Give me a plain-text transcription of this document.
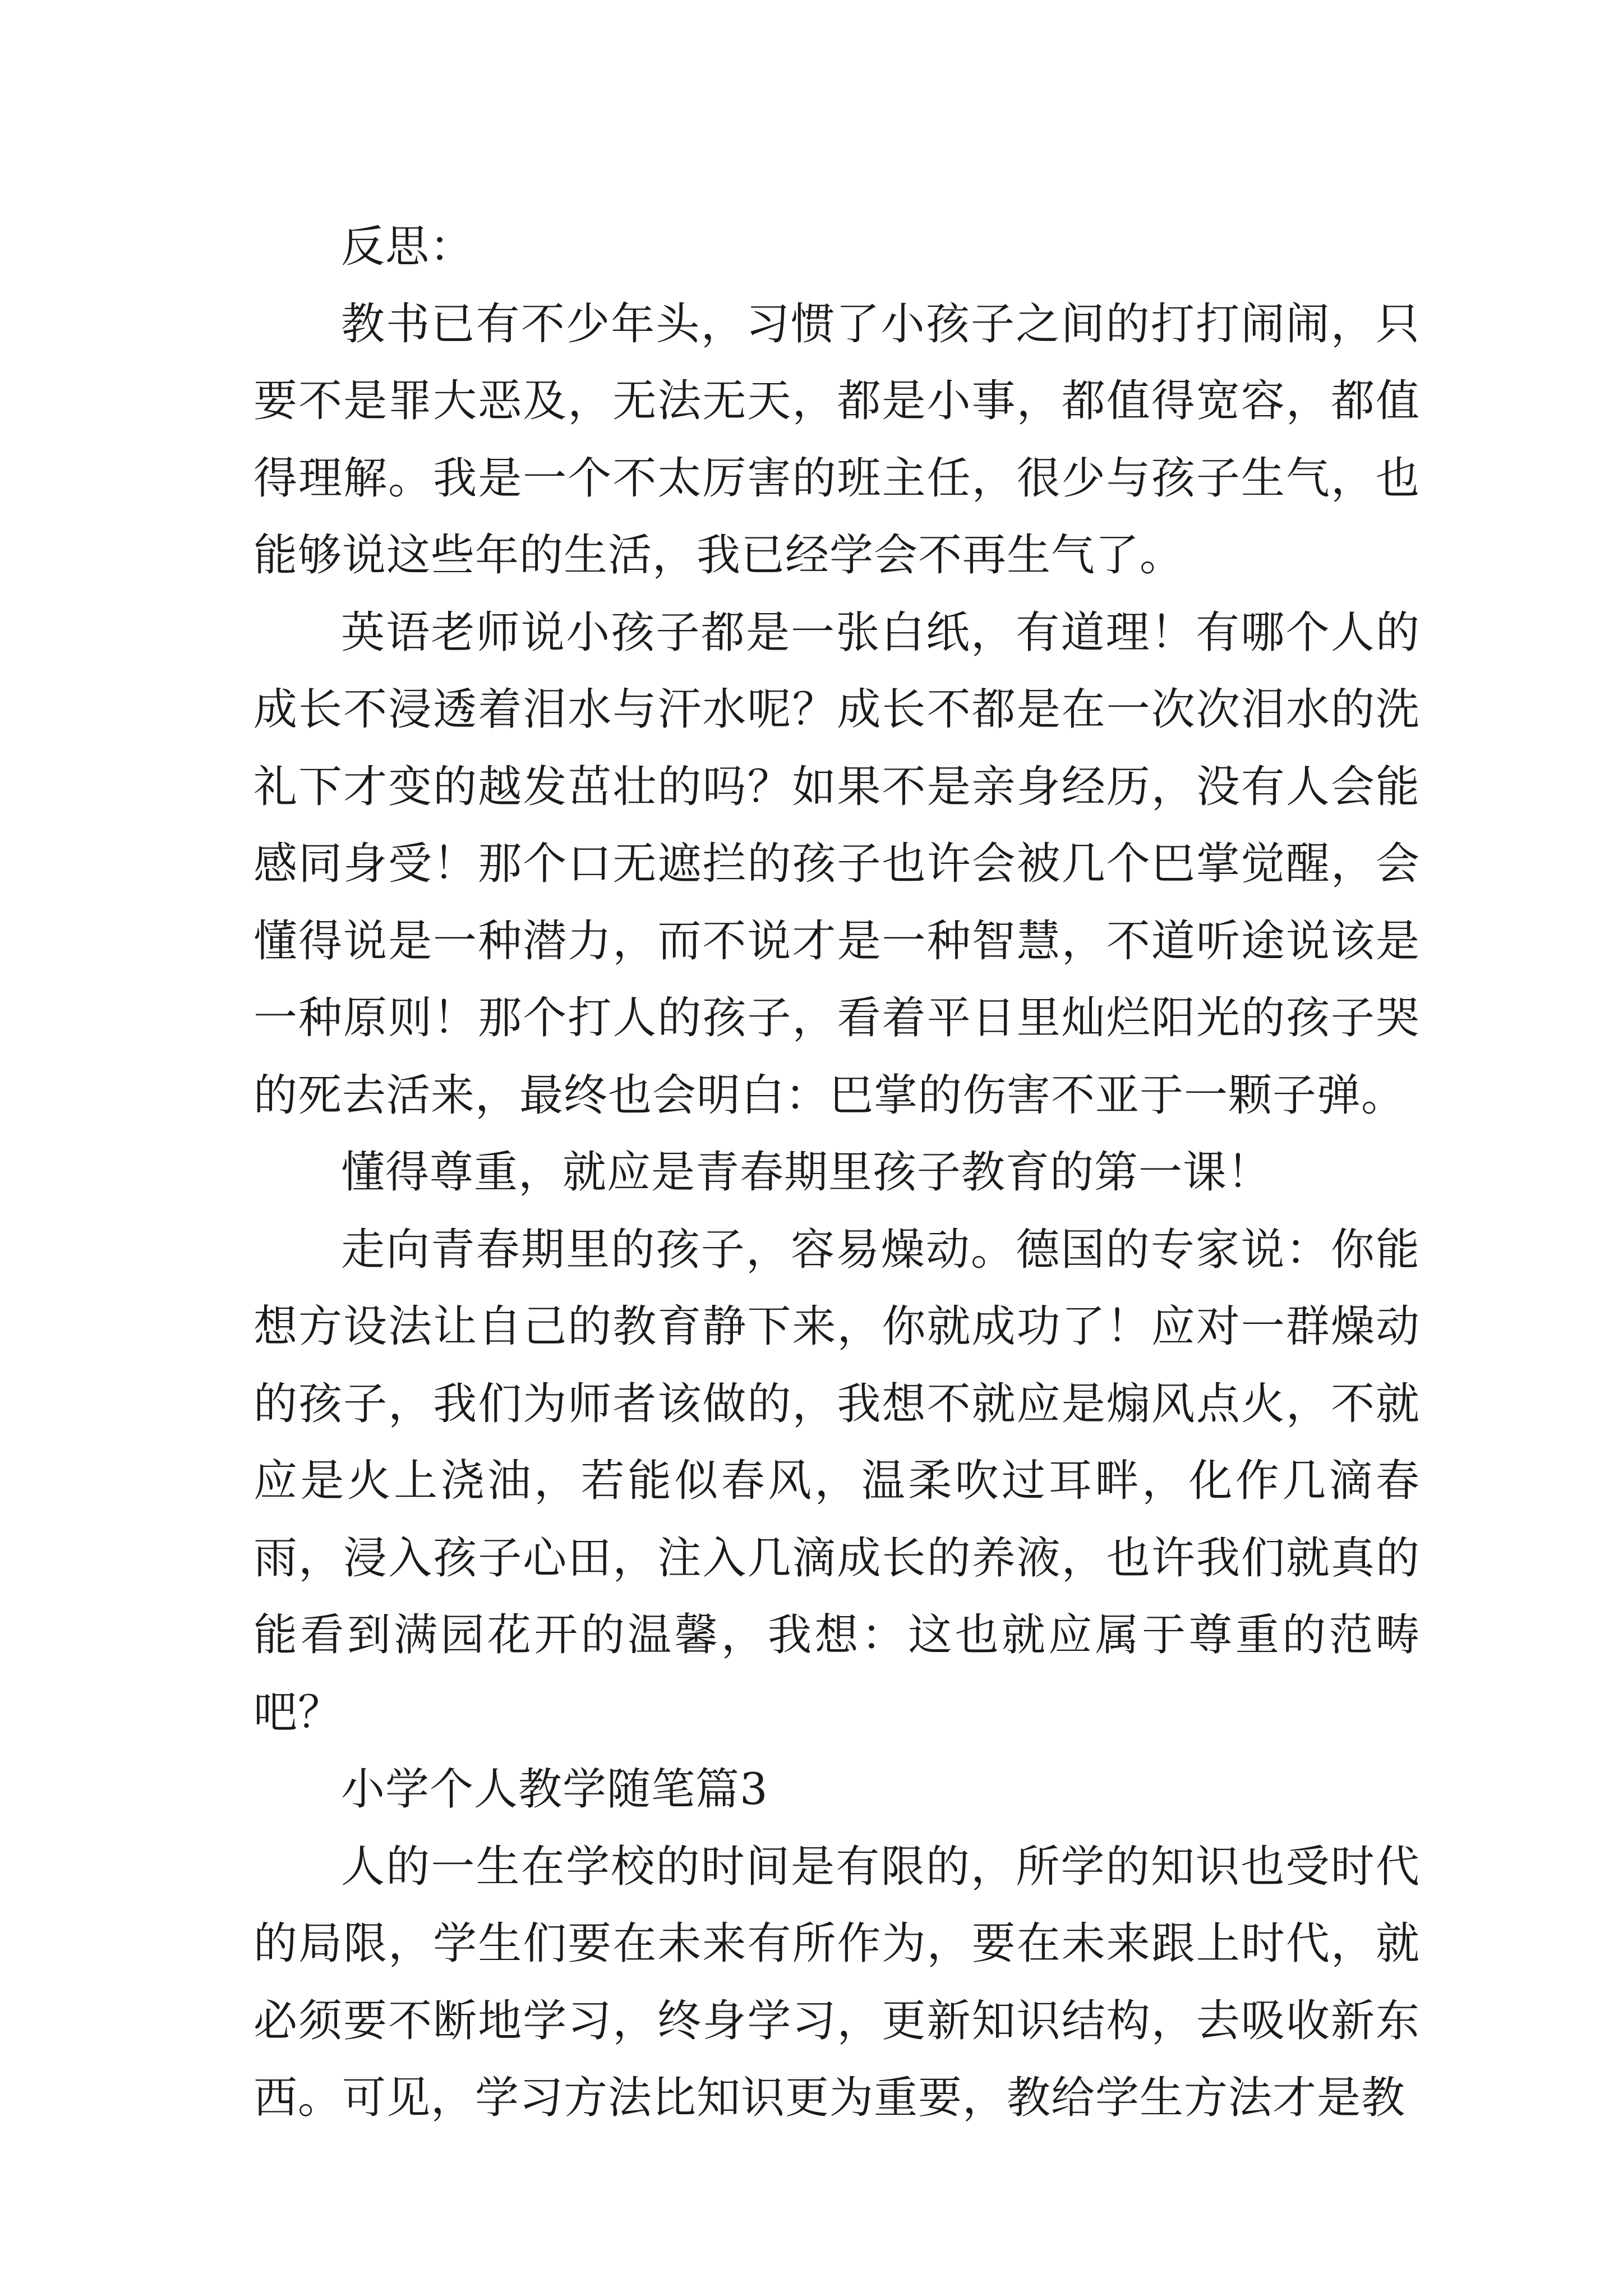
反思：

教书已有不少年头，习惯了小孩子之间的打打闹闹，只要不是罪大恶及，无法无天，都是小事，都值得宽容，都值得理解。我是一个不太厉害的班主任，很少与孩子生气，也能够说这些年的生活，我已经学会不再生气了。

英语老师说小孩子都是一张白纸，有道理！有哪个人的成长不浸透着泪水与汗水呢？成长不都是在一次次泪水的洗礼下才变的越发茁壮的吗？如果不是亲身经历，没有人会能感同身受！那个口无遮拦的孩子也许会被几个巴掌觉醒，会懂得说是一种潜力，而不说才是一种智慧，不道听途说该是一种原则！那个打人的孩子，看着平日里灿烂阳光的孩子哭的死去活来，最终也会明白：巴掌的伤害不亚于一颗子弹。

懂得尊重，就应是青春期里孩子教育的第一课！

走向青春期里的孩子，容易燥动。德国的专家说：你能想方设法让自己的教育静下来，你就成功了！应对一群燥动的孩子，我们为师者该做的，我想不就应是煽风点火，不就应是火上浇油，若能似春风，温柔吹过耳畔，化作几滴春雨，浸入孩子心田，注入几滴成长的养液，也许我们就真的能看到满园花开的温馨，我想：这也就应属于尊重的范畴吧？

小学个人教学随笔篇3

人的一生在学校的时间是有限的，所学的知识也受时代的局限，学生们要在未来有所作为，要在未来跟上时代，就必须要不断地学习，终身学习，更新知识结构，去吸收新东西。可见，学习方法比知识更为重要，教给学生方法才是教
